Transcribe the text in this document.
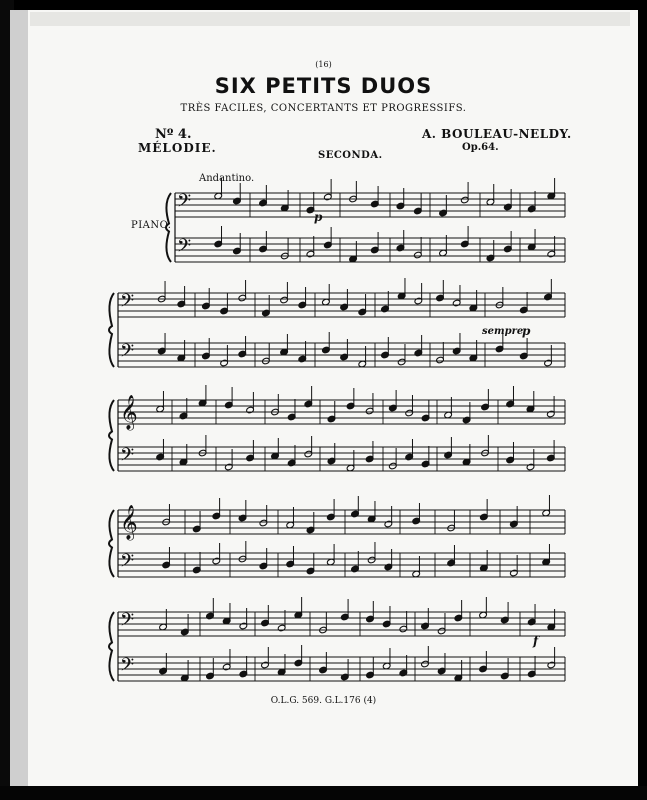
𝄢
𝄢
𝄢
𝄢
𝄞
𝄢
𝄞
𝄢
𝄢
𝄢
(16)
SIX PETITS DUOS
TRÈS FACILES, CONCERTANTS ET PROGRESSIFS.
Nº 4.
MÉLODIE.
A. BOULEAU-NELDY.
Op.64.
SECONDA.
Andantino.
PIANO.
p
sempre
p
f
O.L.G. 569. G.L.176 (4)
